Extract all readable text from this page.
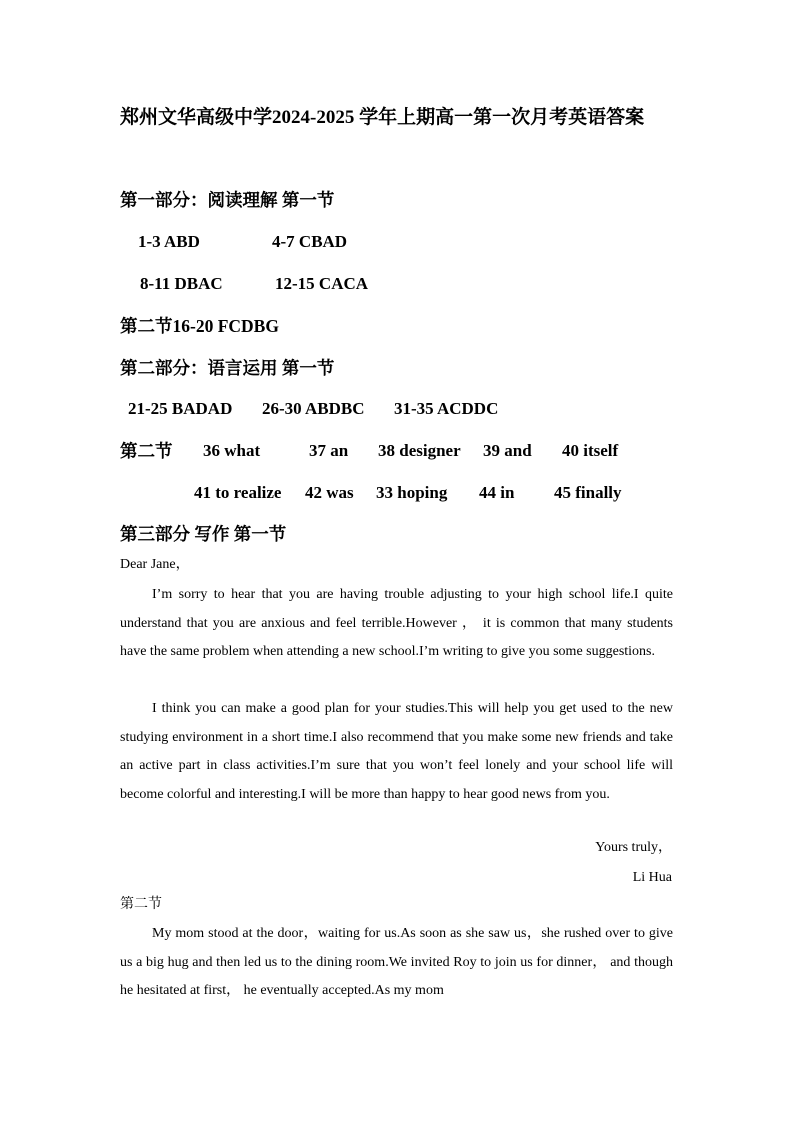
郑州文华高级中学2024-2025 学年上期高一第一次月考英语答案
第一部分：阅读理解 第一节
1-3 ABD	4-7 CBAD
8-11 DBAC	12-15 CACA
第二节16-20 FCDBG
第二部分：语言运用 第一节
21-25 BADAD 26-30 ABDBC 31-35 ACDDC
第二节 36 what	37 an 38 designer 39 and 40 itself
41 to realize 42 was 33 hoping 44 in 45 finally
第三部分 写作 第一节
Dear Jane，
I’m sorry to hear that you are having trouble adjusting to your high school life.I quite understand that you are anxious and feel terrible.However ， it is common that many students have the same problem when attending a new school.I’m writing to give you some suggestions.
I think you can make a good plan for your studies.This will help you get used to the new studying environment in a short time.I also recommend that you make some new friends and take an active part in class activities.I’m sure that you won’t feel lonely and your school life will become colorful and interesting.I will be more than happy to hear good news from you.
Yours truly，
Li Hua
第二节
My mom stood at the door，waiting for us.As soon as she saw us，she rushed over to give us a big hug and then led us to the dining room.We invited Roy to join us for dinner， and though he hesitated at first， he eventually accepted.As my mom
